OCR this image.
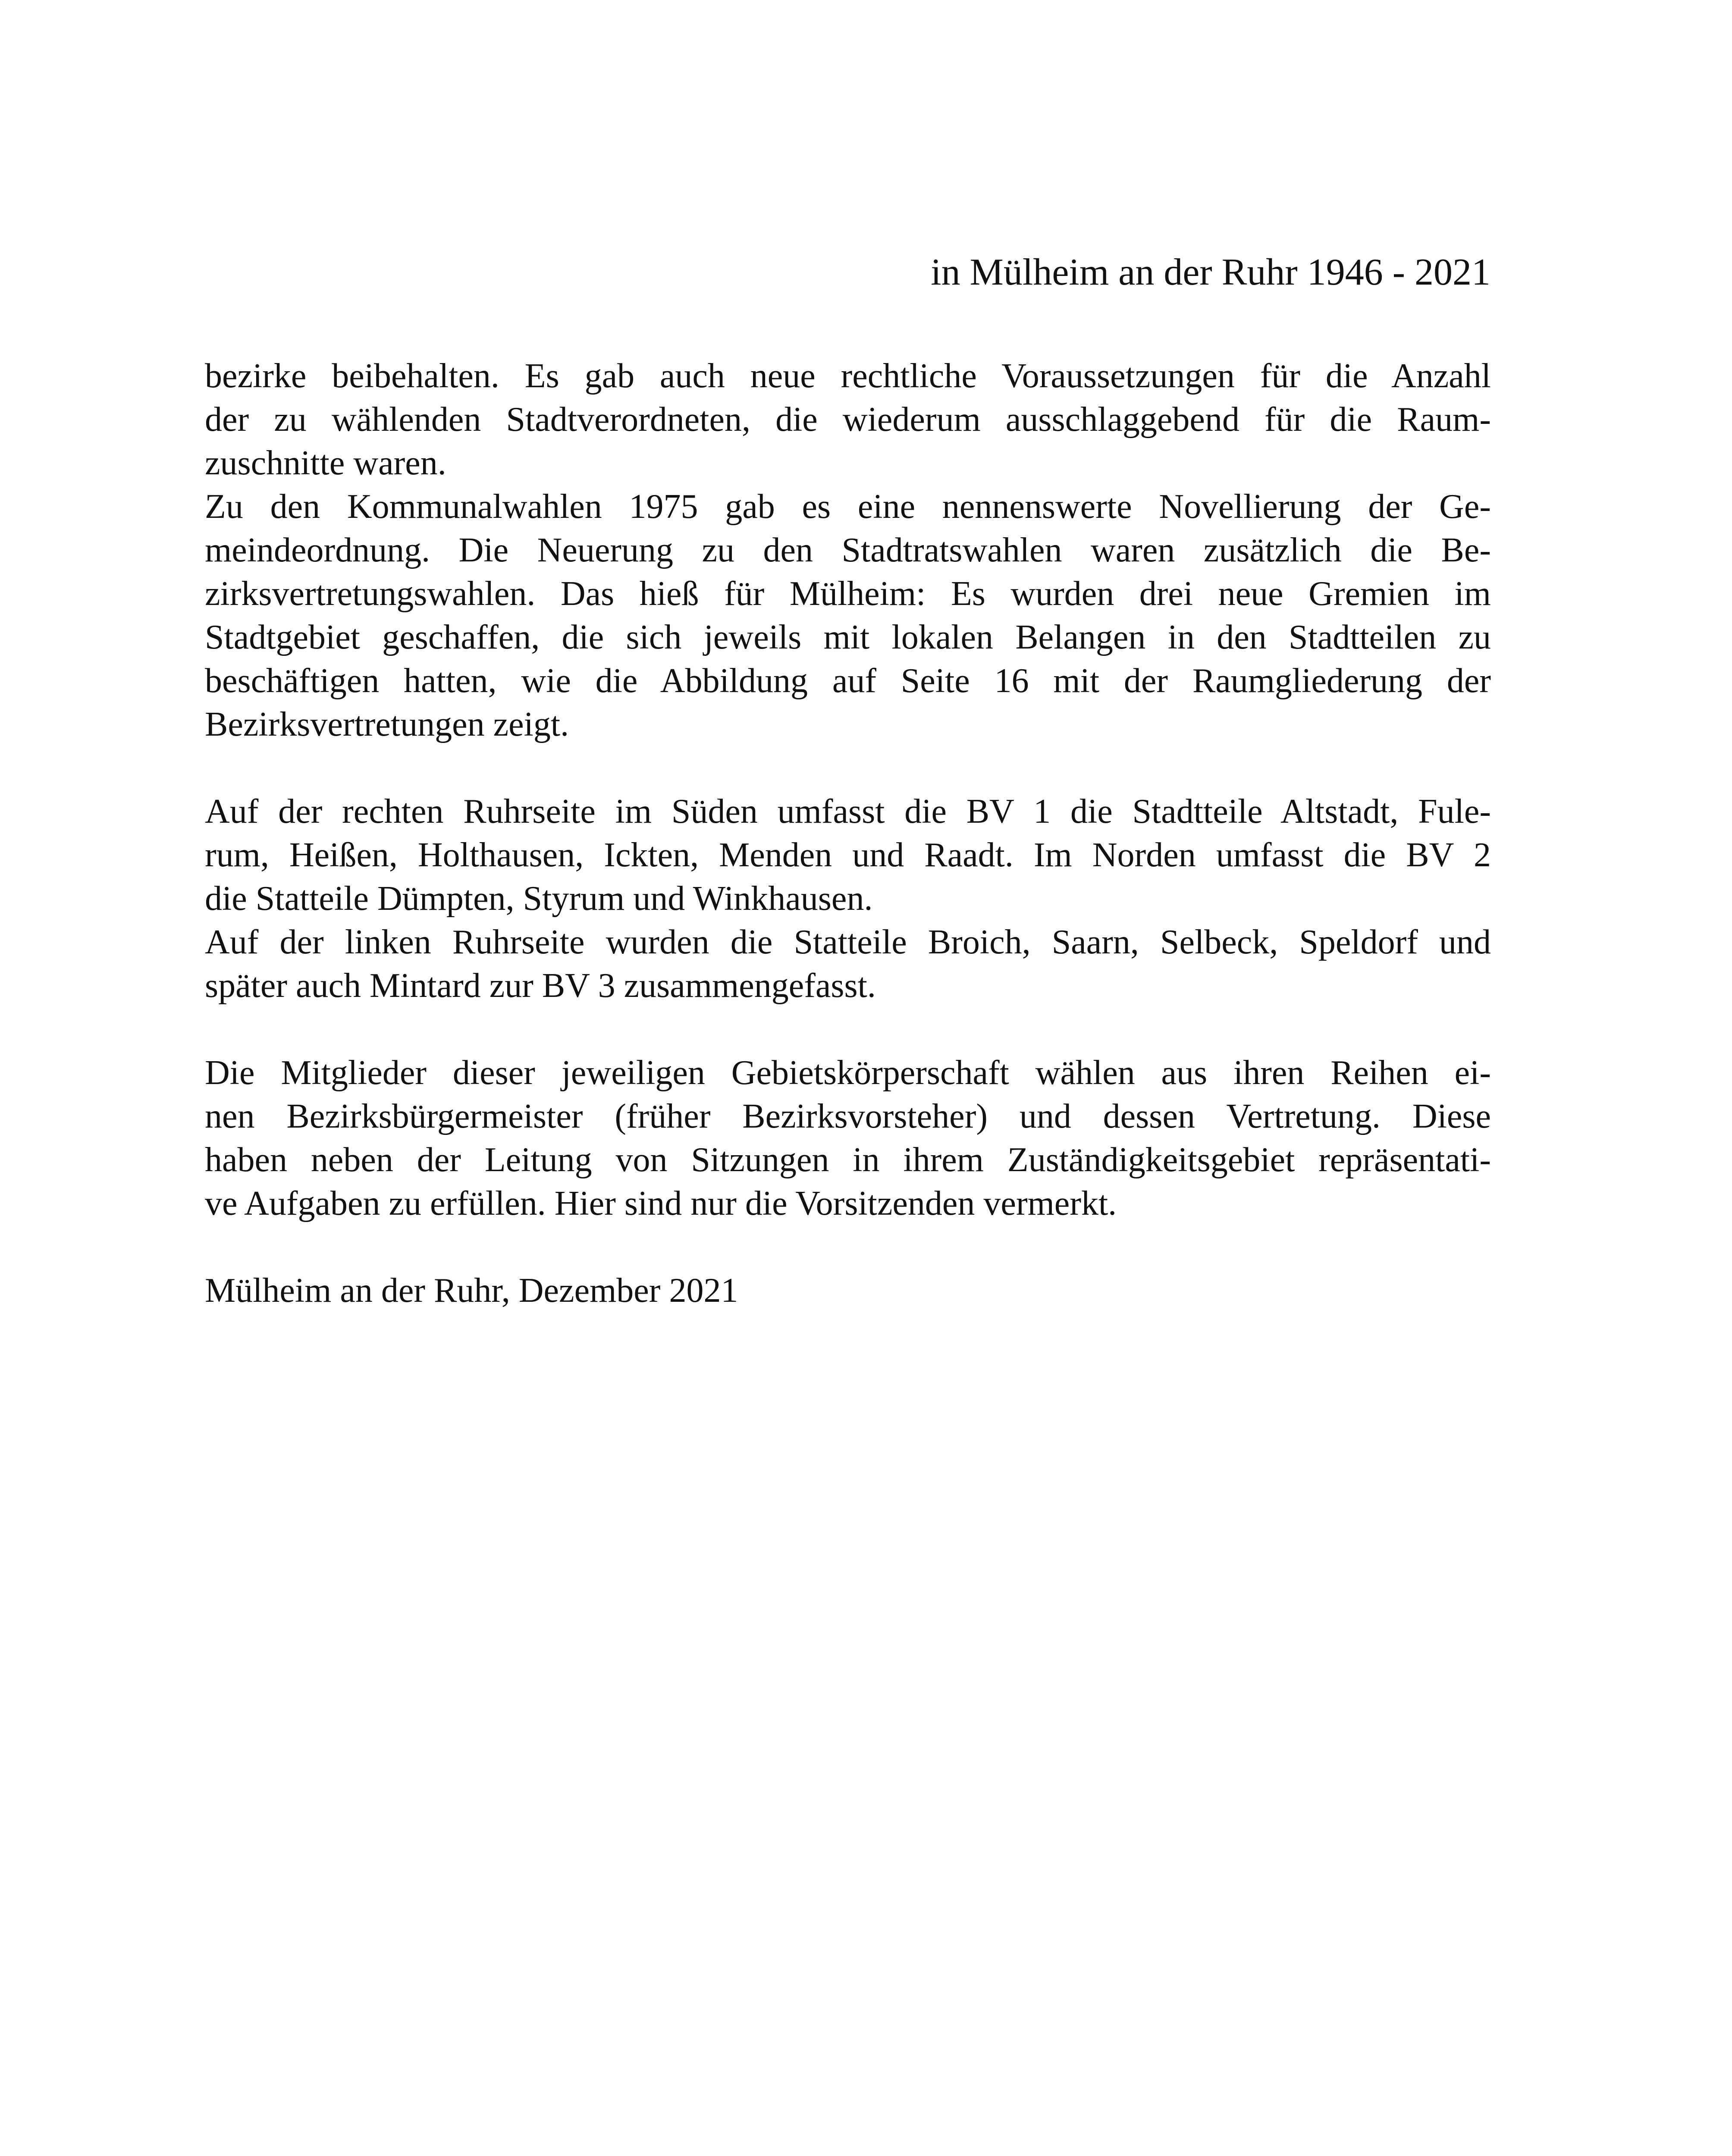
in Mülheim an der Ruhr 1946 - 2021
bezirke beibehalten. Es gab auch neue rechtliche Voraussetzungen für die Anzahl
der zu wählenden Stadtverordneten, die wiederum ausschlaggebend für die Raum-
zuschnitte waren.
Zu den Kommunalwahlen 1975 gab es eine nennenswerte Novellierung der Ge-
meindeordnung. Die Neuerung zu den Stadtratswahlen waren zusätzlich die Be-
zirksvertretungswahlen. Das hieß für Mülheim: Es wurden drei neue Gremien im
Stadtgebiet geschaffen, die sich jeweils mit lokalen Belangen in den Stadtteilen zu
beschäftigen hatten, wie die Abbildung auf Seite 16 mit der Raumgliederung der
Bezirksvertretungen zeigt.
Auf der rechten Ruhrseite im Süden umfasst die BV 1 die Stadtteile Altstadt, Fule-
rum, Heißen, Holthausen, Ickten, Menden und Raadt. Im Norden umfasst die BV 2
die Statteile Dümpten, Styrum und Winkhausen.
Auf der linken Ruhrseite wurden die Statteile Broich, Saarn, Selbeck, Speldorf und
später auch Mintard zur BV 3 zusammengefasst.
Die Mitglieder dieser jeweiligen Gebietskörperschaft wählen aus ihren Reihen ei-
nen Bezirksbürgermeister (früher Bezirksvorsteher) und dessen Vertretung. Diese
haben neben der Leitung von Sitzungen in ihrem Zuständigkeitsgebiet repräsentati-
ve Aufgaben zu erfüllen. Hier sind nur die Vorsitzenden vermerkt.
Mülheim an der Ruhr, Dezember 2021
